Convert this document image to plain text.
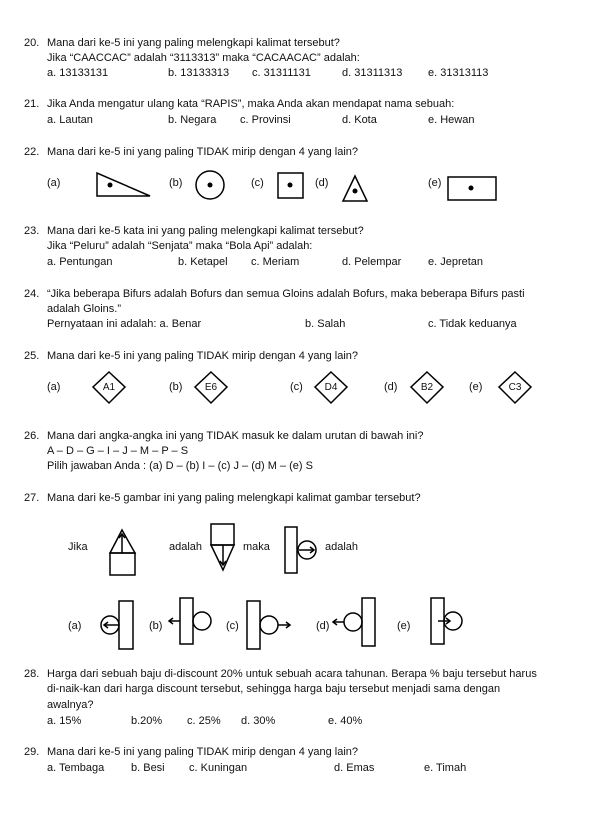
20. Mana dari ke-5 ini yang paling melengkapi kalimat tersebut?
Jika “CAACCAC” adalah “3113313” maka “CACAACAC” adalah:
a. 13133131	b. 13133313 c. 31311131	d. 31311313 e. 31313113
21. Jika Anda mengatur ulang kata “RAPIS”, maka Anda akan mendapat nama sebuah:
a. Lautan	b. Negara c. Provinsi	d. Kota	e. Hewan
22. Mana dari ke-5 ini yang paling TIDAK mirip dengan 4 yang lain?
(a)	(b)	(c)	(d)	(e)
23. Mana dari ke-5 kata ini yang paling melengkapi kalimat tersebut?
Jika “Peluru” adalah “Senjata” maka “Bola Api” adalah:
a. Pentungan	b. Ketapel c. Meriam	d. Pelempar e. Jepretan
24. “Jika beberapa Bifurs adalah Bofurs dan semua Gloins adalah Bofurs, maka beberapa Bifurs pasti
adalah Gloins.”
Pernyataan ini adalah: a. Benar	b. Salah	c. Tidak keduanya
25. Mana dari ke-5 ini yang paling TIDAK mirip dengan 4 yang lain?
(a)	(b)	(c)	(d)	(e)
A1	E6	D4	B2	C3
26. Mana dari angka-angka ini yang TIDAK masuk ke dalam urutan di bawah ini?
A – D – G – I – J – M – P – S
Pilih jawaban Anda : (a) D – (b) I – (c) J – (d) M – (e) S
27. Mana dari ke-5 gambar ini yang paling melengkapi kalimat gambar tersebut?
Jika	adalah	maka	adalah
(a)	(b)	(c)	(d)	(e)
28. Harga dari sebuah baju di-discount 20% untuk sebuah acara tahunan. Berapa % baju tersebut harus
di-naik-kan dari harga discount tersebut, sehingga harga baju tersebut menjadi sama dengan
awalnya?
a. 15%	b.20% c. 25% d. 30%	e. 40%
29. Mana dari ke-5 ini yang paling TIDAK mirip dengan 4 yang lain?
a. Tembaga b. Besi c. Kuningan	d. Emas	e. Timah
